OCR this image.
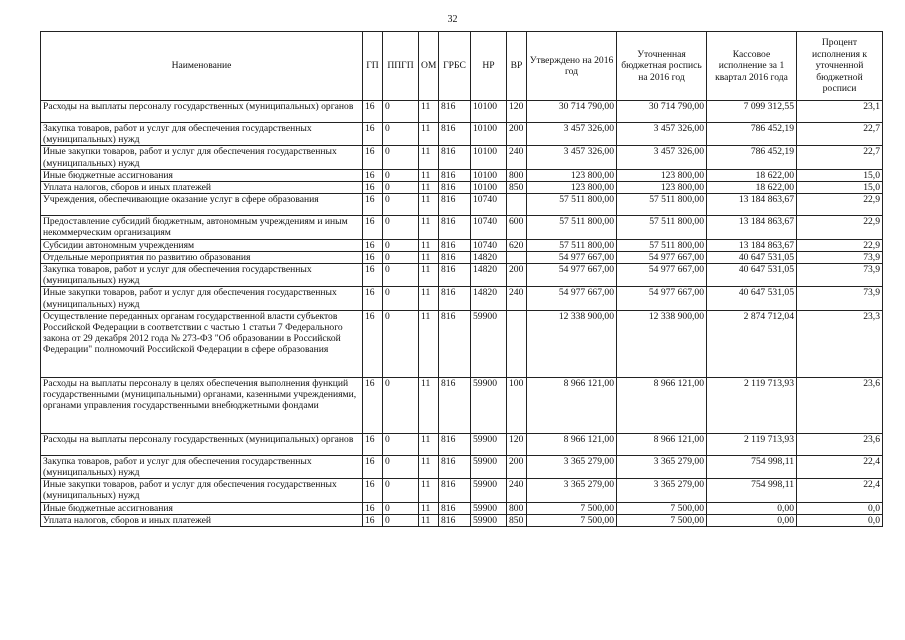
32
Наименование	ГП	ППГП	ОМ	ГРБС	НР	ВР	Утверждено на 2016 год	Уточненная бюджетная роспись на 2016 год	Кассовое исполнение за 1 квартал 2016 года	Процент исполнения к уточненной бюджетной росписи
Расходы на выплаты персоналу государственных (муниципальных) органов	16	0	11	816	10100	120	30 714 790,00	30 714 790,00	7 099 312,55	23,1
Закупка товаров, работ и услуг для обеспечения государственных (муниципальных) нужд	16	0	11	816	10100	200	3 457 326,00	3 457 326,00	786 452,19	22,7
Иные закупки товаров, работ и услуг для обеспечения государственных (муниципальных) нужд	16	0	11	816	10100	240	3 457 326,00	3 457 326,00	786 452,19	22,7
Иные бюджетные ассигнования	16	0	11	816	10100	800	123 800,00	123 800,00	18 622,00	15,0
Уплата налогов, сборов и иных платежей	16	0	11	816	10100	850	123 800,00	123 800,00	18 622,00	15,0
Учреждения, обеспечивающие оказание услуг в сфере образования	16	0	11	816	10740		57 511 800,00	57 511 800,00	13 184 863,67	22,9
Предоставление субсидий бюджетным, автономным учреждениям и иным некоммерческим организациям	16	0	11	816	10740	600	57 511 800,00	57 511 800,00	13 184 863,67	22,9
Субсидии автономным учреждениям	16	0	11	816	10740	620	57 511 800,00	57 511 800,00	13 184 863,67	22,9
Отдельные мероприятия по развитию образования	16	0	11	816	14820		54 977 667,00	54 977 667,00	40 647 531,05	73,9
Закупка товаров, работ и услуг для обеспечения государственных (муниципальных) нужд	16	0	11	816	14820	200	54 977 667,00	54 977 667,00	40 647 531,05	73,9
Иные закупки товаров, работ и услуг для обеспечения государственных (муниципальных) нужд	16	0	11	816	14820	240	54 977 667,00	54 977 667,00	40 647 531,05	73,9
Осуществление переданных органам государственной власти субъектов Российской Федерации в соответствии с частью 1 статьи 7 Федерального закона от 29 декабря 2012 года № 273-ФЗ "Об образовании в Российской Федерации" полномочий Российской Федерации в сфере образования	16	0	11	816	59900		12 338 900,00	12 338 900,00	2 874 712,04	23,3
Расходы на выплаты персоналу в целях обеспечения выполнения функций государственными (муниципальными) органами, казенными учреждениями, органами управления государственными внебюджетными фондами	16	0	11	816	59900	100	8 966 121,00	8 966 121,00	2 119 713,93	23,6
Расходы на выплаты персоналу государственных (муниципальных) органов	16	0	11	816	59900	120	8 966 121,00	8 966 121,00	2 119 713,93	23,6
Закупка товаров, работ и услуг для обеспечения государственных (муниципальных) нужд	16	0	11	816	59900	200	3 365 279,00	3 365 279,00	754 998,11	22,4
Иные закупки товаров, работ и услуг для обеспечения государственных (муниципальных) нужд	16	0	11	816	59900	240	3 365 279,00	3 365 279,00	754 998,11	22,4
Иные бюджетные ассигнования	16	0	11	816	59900	800	7 500,00	7 500,00	0,00	0,0
Уплата налогов, сборов и иных платежей	16	0	11	816	59900	850	7 500,00	7 500,00	0,00	0,0
